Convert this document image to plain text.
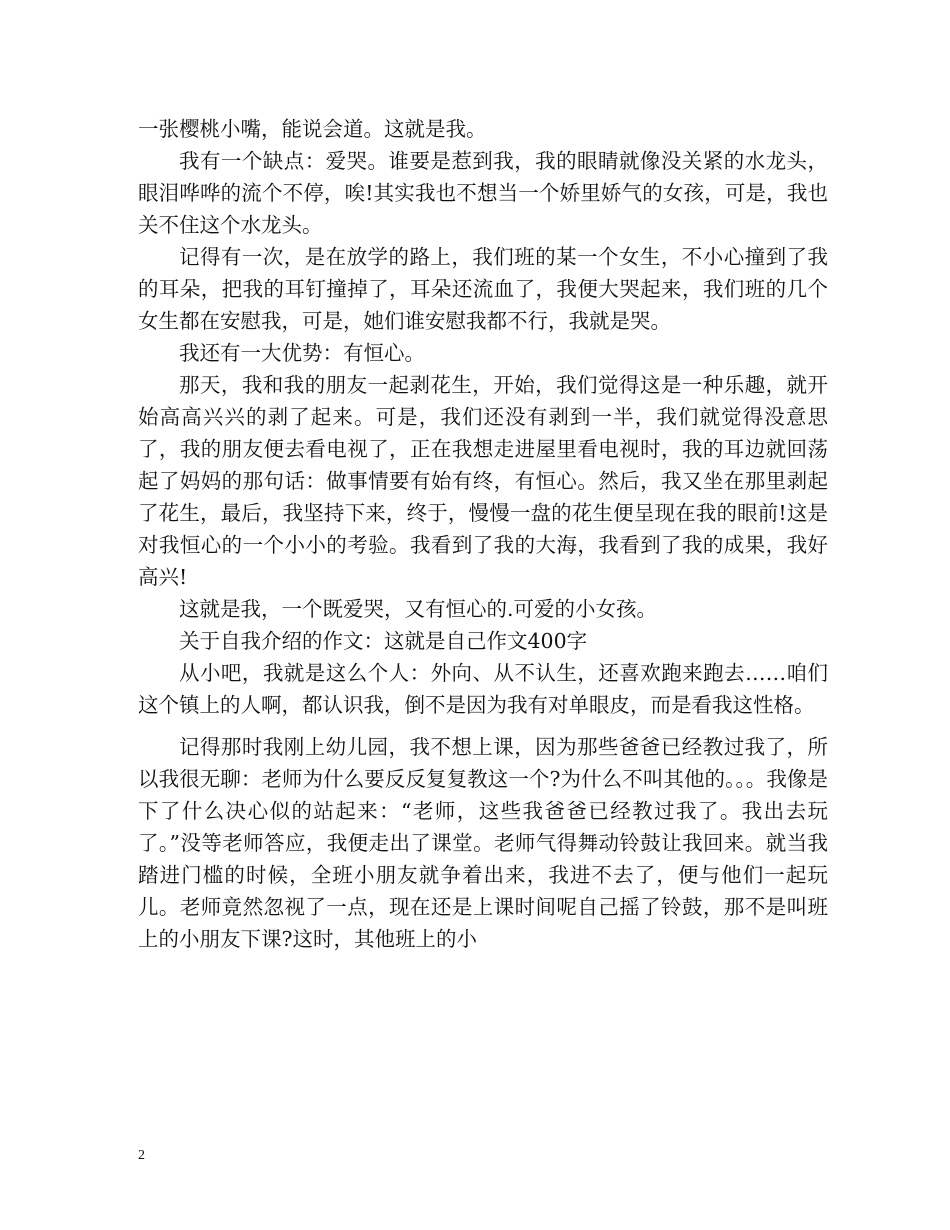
一张樱桃小嘴，能说会道。这就是我。

我有一个缺点：爱哭。谁要是惹到我，我的眼睛就像没关紧的水龙头，眼泪哗哗的流个不停，唉!其实我也不想当一个娇里娇气的女孩，可是，我也关不住这个水龙头。

记得有一次，是在放学的路上，我们班的某一个女生，不小心撞到了我的耳朵，把我的耳钉撞掉了，耳朵还流血了，我便大哭起来，我们班的几个女生都在安慰我，可是，她们谁安慰我都不行，我就是哭。

我还有一大优势：有恒心。

那天，我和我的朋友一起剥花生，开始，我们觉得这是一种乐趣，就开始高高兴兴的剥了起来。可是，我们还没有剥到一半，我们就觉得没意思了，我的朋友便去看电视了，正在我想走进屋里看电视时，我的耳边就回荡起了妈妈的那句话：做事情要有始有终，有恒心。然后，我又坐在那里剥起了花生，最后，我坚持下来，终于，慢慢一盘的花生便呈现在我的眼前!这是对我恒心的一个小小的考验。我看到了我的大海，我看到了我的成果，我好高兴!

这就是我，一个既爱哭，又有恒心的.可爱的小女孩。

关于自我介绍的作文：这就是自己作文400字

从小吧，我就是这么个人：外向、从不认生，还喜欢跑来跑去……咱们这个镇上的人啊，都认识我，倒不是因为我有对单眼皮，而是看我这性格。

记得那时我刚上幼儿园，我不想上课，因为那些爸爸已经教过我了，所以我很无聊：老师为什么要反反复复教这一个?为什么不叫其他的。。。我像是下了什么决心似的站起来：“老师，这些我爸爸已经教过我了。我出去玩了。”没等老师答应，我便走出了课堂。老师气得舞动铃鼓让我回来。就当我踏进门槛的时候，全班小朋友就争着出来，我进不去了，便与他们一起玩儿。老师竟然忽视了一点，现在还是上课时间呢自己摇了铃鼓，那不是叫班上的小朋友下课?这时，其他班上的小

2
